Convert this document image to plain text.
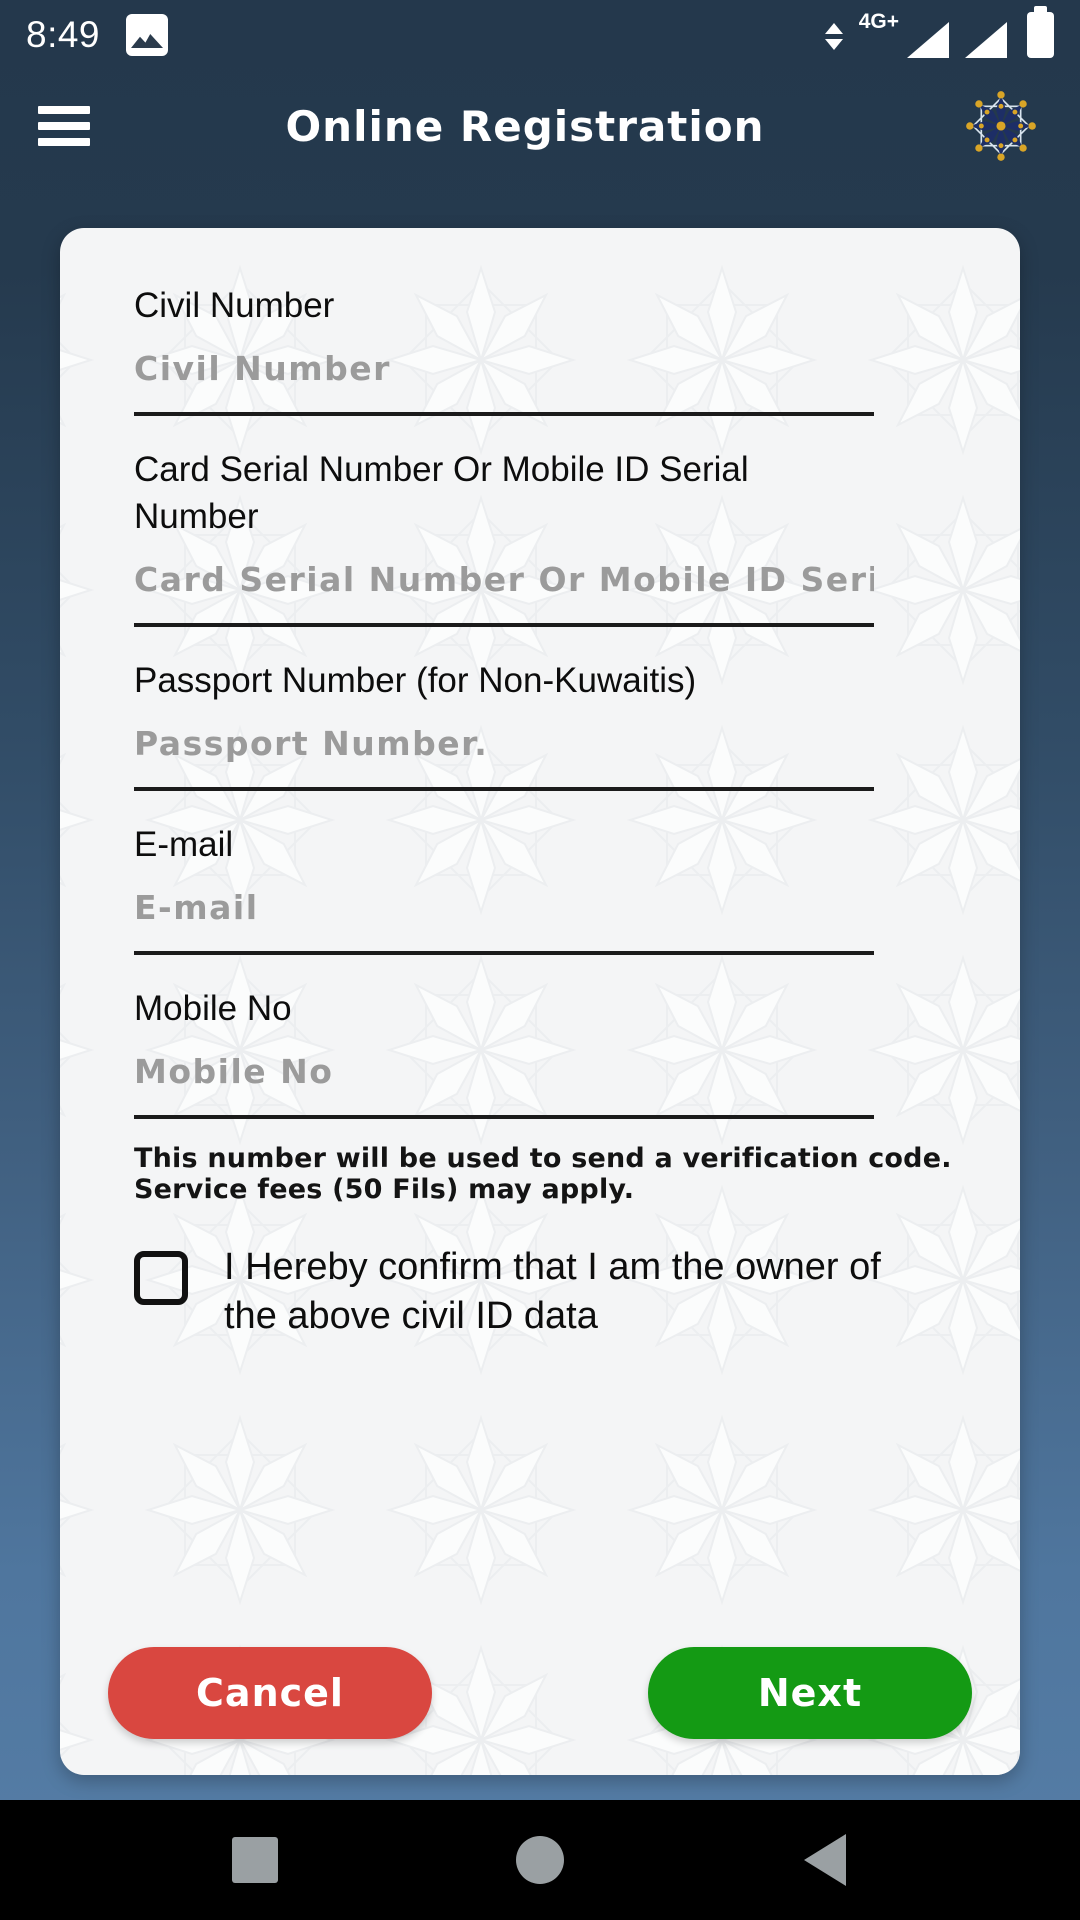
8:49	4G+
Online Registration
Civil Number
Civil Number
Card Serial Number Or Mobile ID Serial Number
Card Serial Number Or Mobile ID Serial...
Passport Number (for Non-Kuwaitis)
Passport Number.
E-mail
E-mail
Mobile No
Mobile No
This number will be used to send a verification code. Service fees (50 Fils) may apply.
I Hereby confirm that I am the owner of the above civil ID data
Cancel	Next
